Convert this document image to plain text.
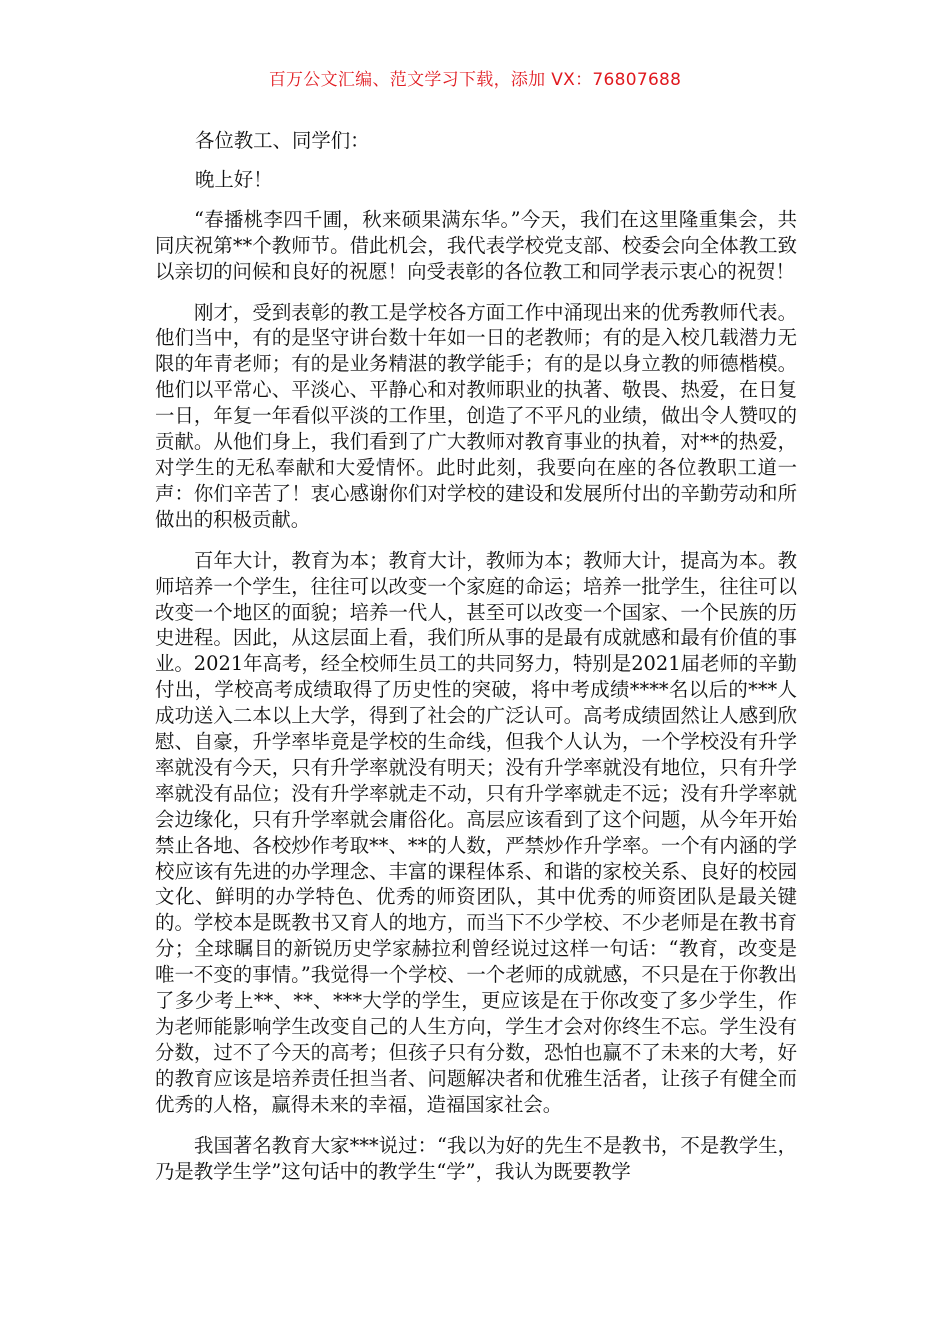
百万公文汇编、范文学习下载，添加 VX：76807688

各位教工、同学们：

晚上好！

“春播桃李四千圃，秋来硕果满东华。”今天，我们在这里隆重集会，共同庆祝第**个教师节。借此机会，我代表学校党支部、校委会向全体教工致以亲切的问候和良好的祝愿！向受表彰的各位教工和同学表示衷心的祝贺！

刚才，受到表彰的教工是学校各方面工作中涌现出来的优秀教师代表。他们当中，有的是坚守讲台数十年如一日的老教师；有的是入校几载潜力无限的年青老师；有的是业务精湛的教学能手；有的是以身立教的师德楷模。他们以平常心、平淡心、平静心和对教师职业的执著、敬畏、热爱，在日复一日，年复一年看似平淡的工作里，创造了不平凡的业绩，做出令人赞叹的贡献。从他们身上，我们看到了广大教师对教育事业的执着，对**的热爱，对学生的无私奉献和大爱情怀。此时此刻，我要向在座的各位教职工道一声：你们辛苦了！衷心感谢你们对学校的建设和发展所付出的辛勤劳动和所做出的积极贡献。

百年大计，教育为本；教育大计，教师为本；教师大计，提高为本。教师培养一个学生，往往可以改变一个家庭的命运；培养一批学生，往往可以改变一个地区的面貌；培养一代人，甚至可以改变一个国家、一个民族的历史进程。因此，从这层面上看，我们所从事的是最有成就感和最有价值的事业。2021年高考，经全校师生员工的共同努力，特别是2021届老师的辛勤付出，学校高考成绩取得了历史性的突破，将中考成绩****名以后的***人成功送入二本以上大学，得到了社会的广泛认可。高考成绩固然让人感到欣慰、自豪，升学率毕竟是学校的生命线，但我个人认为，一个学校没有升学率就没有今天，只有升学率就没有明天；没有升学率就没有地位，只有升学率就没有品位；没有升学率就走不动，只有升学率就走不远；没有升学率就会边缘化，只有升学率就会庸俗化。高层应该看到了这个问题，从今年开始禁止各地、各校炒作考取**、**的人数，严禁炒作升学率。一个有内涵的学校应该有先进的办学理念、丰富的课程体系、和谐的家校关系、良好的校园文化、鲜明的办学特色、优秀的师资团队，其中优秀的师资团队是最关键的。学校本是既教书又育人的地方，而当下不少学校、不少老师是在教书育分；全球瞩目的新锐历史学家赫拉利曾经说过这样一句话：“教育，改变是唯一不变的事情。”我觉得一个学校、一个老师的成就感，不只是在于你教出了多少考上**、**、***大学的学生，更应该是在于你改变了多少学生，作为老师能影响学生改变自己的人生方向，学生才会对你终生不忘。学生没有分数，过不了今天的高考；但孩子只有分数，恐怕也赢不了未来的大考，好的教育应该是培养责任担当者、问题解决者和优雅生活者，让孩子有健全而优秀的人格，赢得未来的幸福，造福国家社会。

我国著名教育大家***说过：“我以为好的先生不是教书，不是教学生，乃是教学生学”这句话中的教学生“学”，我认为既要教学
